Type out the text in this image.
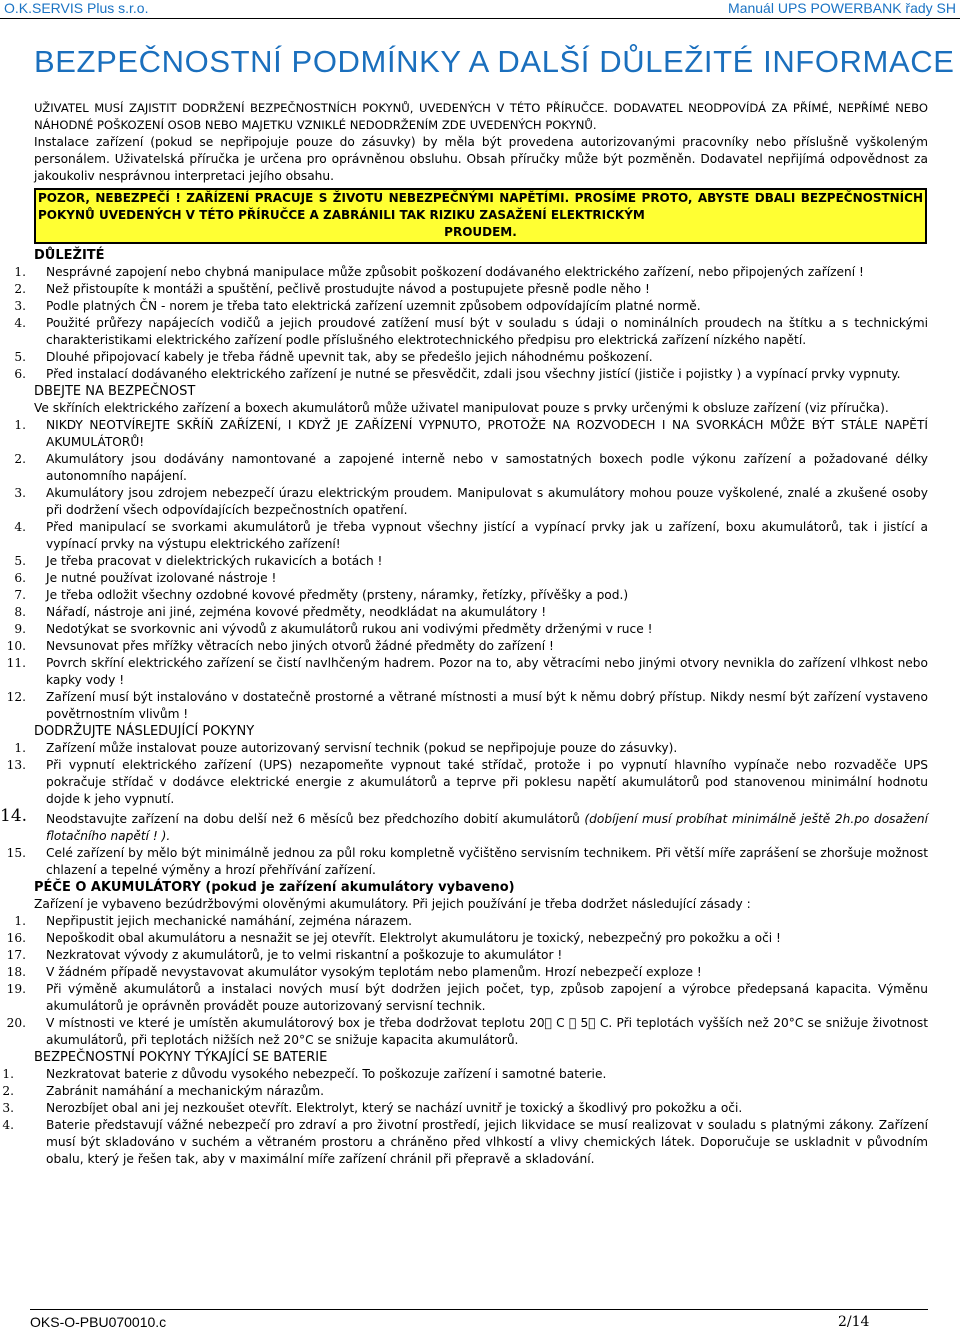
O.K.SERVIS Plus s.r.o.	Manuál UPS POWERBANK řady SH
BEZPEČNOSTNÍ PODMÍNKY A DALŠÍ DŮLEŽITÉ INFORMACE
UŽIVATEL MUSÍ ZAJISTIT DODRŽENÍ BEZPEČNOSTNÍCH POKYNŮ, UVEDENÝCH V TÉTO PŘÍRUČCE. DODAVATEL NEODPOVÍDÁ ZA PŘÍMÉ, NEPŘÍMÉ NEBO NÁHODNÉ POŠKOZENÍ OSOB NEBO MAJETKU VZNIKLÉ NEDODRŽENÍM ZDE UVEDENÝCH POKYNŮ.
Instalace zařízení (pokud se nepřipojuje pouze do zásuvky) by měla být provedena autorizovanými pracovníky nebo příslušně vyškoleným personálem. Uživatelská příručka je určena pro oprávněnou obsluhu. Obsah příručky může být pozměněn. Dodavatel nepřijímá odpovědnost za jakoukoliv nesprávnou interpretaci jejího obsahu.
POZOR, NEBEZPEČÍ ! ZAŘÍZENÍ PRACUJE S ŽIVOTU NEBEZPEČNÝMI NAPĚTÍMI. PROSÍME PROTO, ABYSTE DBALI BEZPEČNOSTNÍCH POKYNŮ UVEDENÝCH V TÉTO PŘÍRUČCE A ZABRÁNILI TAK RIZIKU ZASAŽENÍ ELEKTRICKÝM
PROUDEM.
DŮLEŽITÉ
1. Nesprávné zapojení nebo chybná manipulace může způsobit poškození dodávaného elektrického zařízení, nebo připojených zařízení !
2. Než přistoupíte k montáži a spuštění, pečlivě prostudujte návod a postupujete přesně podle něho !
3. Podle platných ČN - norem je třeba tato elektrická zařízení uzemnit způsobem odpovídajícím platné normě.
4. Použité průřezy napájecích vodičů a jejich proudové zatížení musí být v souladu s údaji o nominálních proudech na štítku a s technickými charakteristikami elektrického zařízení podle příslušného elektrotechnického předpisu pro elektrická zařízení nízkého napětí.
5. Dlouhé připojovací kabely je třeba řádně upevnit tak, aby se předešlo jejich náhodnému poškození.
6. Před instalací dodávaného elektrického zařízení je nutné se přesvědčit, zdali jsou všechny jistící (jističe i pojistky ) a vypínací prvky vypnuty.
DBEJTE NA BEZPEČNOST
Ve skříních elektrického zařízení a boxech akumulátorů může uživatel manipulovat pouze s prvky určenými k obsluze zařízení (viz příručka).
1. NIKDY NEOTVÍREJTE SKŘÍŇ ZAŘÍZENÍ, I KDYŽ JE ZAŘÍZENÍ VYPNUTO, PROTOŽE NA ROZVODECH I NA SVORKÁCH MŮŽE BÝT STÁLE NAPĚTÍ AKUMULÁTORŮ!
2. Akumulátory jsou dodávány namontované a zapojené interně nebo v samostatných boxech podle výkonu zařízení a požadované délky autonomního napájení.
3. Akumulátory jsou zdrojem nebezpečí úrazu elektrickým proudem. Manipulovat s akumulátory mohou pouze vyškolené, znalé a zkušené osoby při dodržení všech odpovídajících bezpečnostních opatření.
4. Před manipulací se svorkami akumulátorů je třeba vypnout všechny jistící a vypínací prvky jak u zařízení, boxu akumulátorů, tak i jistící a vypínací prvky na výstupu elektrického zařízení!
5. Je třeba pracovat v dielektrických rukavicích a botách !
6. Je nutné používat izolované nástroje !
7. Je třeba odložit všechny ozdobné kovové předměty (prsteny, náramky, řetízky, přívěšky a pod.)
8. Nářadí, nástroje ani jiné, zejména kovové předměty, neodkládat na akumulátory !
9. Nedotýkat se svorkovnic ani vývodů z akumulátorů rukou ani vodivými předměty drženými v ruce !
10. Nevsunovat přes mřížky větracích nebo jiných otvorů žádné předměty do zařízení !
11. Povrch skříní elektrického zařízení se čistí navlhčeným hadrem. Pozor na to, aby větracími nebo jinými otvory nevnikla do zařízení vlhkost nebo kapky vody !
12. Zařízení musí být instalováno v dostatečně prostorné a větrané místnosti a musí být k němu dobrý přístup. Nikdy nesmí být zařízení vystaveno povětrnostním vlivům !
DODRŽUJTE NÁSLEDUJÍCÍ POKYNY
1. Zařízení může instalovat pouze autorizovaný servisní technik (pokud se nepřipojuje pouze do zásuvky).
13. Při vypnutí elektrického zařízení (UPS) nezapomeňte vypnout také střídač, protože i po vypnutí hlavního vypínače nebo rozvaděče UPS pokračuje střídač v dodávce elektrické energie z akumulátorů a teprve při poklesu napětí akumulátorů pod stanovenou minimální hodnotu dojde k jeho vypnutí.
14. Neodstavujte zařízení na dobu delší než 6 měsíců bez předchozího dobití akumulátorů (dobíjení musí probíhat minimálně ještě 2h.po dosažení flotačního napětí ! ).
15. Celé zařízení by mělo být minimálně jednou za půl roku kompletně vyčištěno servisním technikem. Při větší míře zaprášení se zhoršuje možnost chlazení a tepelné výměny a hrozí přehřívání zařízení.
PÉČE O AKUMULÁTORY (pokud je zařízení akumulátory vybaveno)
Zařízení je vybaveno bezúdržbovými olověnými akumulátory. Při jejich používání je třeba dodržet následující zásady :
1. Nepřipustit jejich mechanické namáhání, zejména nárazem.
16. Nepoškodit obal akumulátoru a nesnažit se jej otevřít. Elektrolyt akumulátoru je toxický, nebezpečný pro pokožku a oči !
17. Nezkratovat vývody z akumulátorů, je to velmi riskantní a poškozuje to akumulátor !
18. V žádném případě nevystavovat akumulátor vysokým teplotám nebo plamenům. Hrozí nebezpečí exploze !
19. Při výměně akumulátorů a instalaci nových musí být dodržen jejich počet, typ, způsob zapojení a výrobce předepsaná kapacita. Výměnu akumulátorů je oprávněn provádět pouze autorizovaný servisní technik.
20. V místnosti ve které je umístěn akumulátorový box je třeba dodržovat teplotu 20 C 5 C. Při teplotách vyšších než 20°C se snižuje životnost akumulátorů, při teplotách nižších než 20°C se snižuje kapacita akumulátorů.
BEZPEČNOSTNÍ POKYNY TÝKAJÍCÍ SE BATERIE
1.	Nezkratovat baterie z důvodu vysokého nebezpečí. To poškozuje zařízení i samotné baterie.
2.	Zabránit namáhání a mechanickým nárazům.
3.	Nerozbíjet obal ani jej nezkoušet otevřít. Elektrolyt, který se nachází uvnitř je toxický a škodlivý pro pokožku a oči.
4.	Baterie představují vážné nebezpečí pro zdraví a pro životní prostředí, jejich likvidace se musí realizovat v souladu s platnými zákony. Zařízení musí být skladováno v suchém a větraném prostoru a chráněno před vlhkostí a vlivy chemických látek. Doporučuje se uskladnit v původním obalu, který je řešen tak, aby v maximální míře zařízení chránil při přepravě a skladování.
OKS-O-PBU070010.c	2/14
